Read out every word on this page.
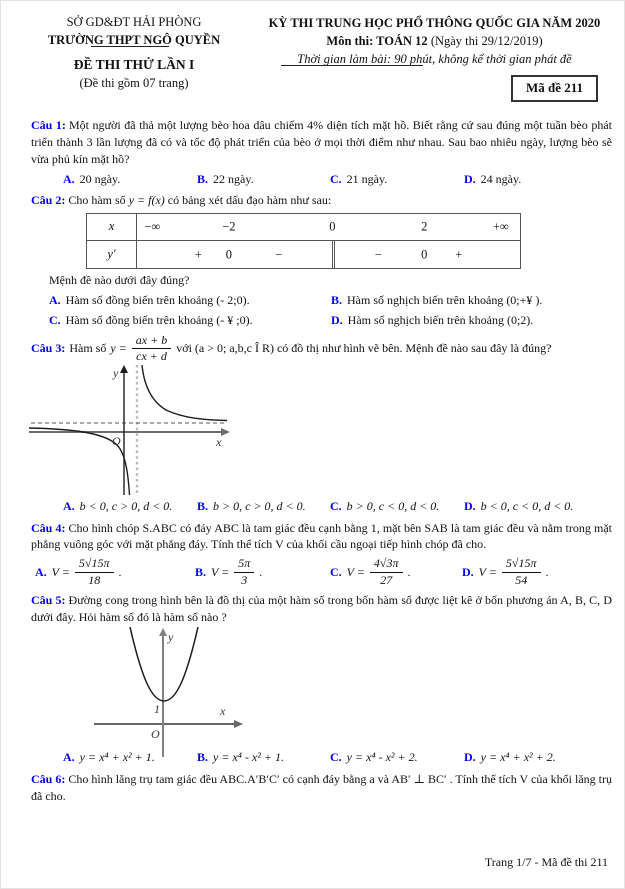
SỞ GD&ĐT HẢI PHÒNG
TRƯỜNG THPT NGÔ QUYỀN
ĐỀ THI THỬ LẦN I
(Đề thi gồm 07 trang)
KỲ THI TRUNG HỌC PHỔ THÔNG QUỐC GIA NĂM 2020
Môn thi: TOÁN 12 (Ngày thi 29/12/2019)
Thời gian làm bài: 90 phút, không kể thời gian phát đề
Mã đề 211
Câu 1: Một người đã thả một lượng bèo hoa dâu chiếm 4% diện tích mặt hồ. Biết rằng cứ sau đúng một tuần bèo phát triển thành 3 lần lượng đã có và tốc độ phát triển của bèo ở mọi thời điểm như nhau. Sau bao nhiêu ngày, lượng bèo sẽ vừa phủ kín mặt hồ?
A. 20 ngày.	B. 22 ngày.	C. 21 ngày.	D. 24 ngày.
Câu 2: Cho hàm số y = f(x) có bảng xét dấu đạo hàm như sau:
x	−∞	−2	0	2	+∞
y′	+ 0	−	−	0 +
Mệnh đề nào dưới đây đúng?
A. Hàm số đồng biến trên khoảng (- 2;0).	B. Hàm số nghịch biến trên khoảng (0;+¥ ).
C. Hàm số đồng biến trên khoảng (- ¥ ;0).	D. Hàm số nghịch biến trên khoảng (0;2).
Câu 3: Hàm số $y = \frac{ax + b}{cx + d}$ với (a > 0; a,b,c Î R) có đồ thị như hình vẽ bên. Mệnh đề nào sau đây là đúng?
y
x
O
A. b < 0, c > 0, d < 0.	B. b > 0, c > 0, d < 0.	C. b > 0, c < 0, d < 0.	D. b < 0, c < 0, d < 0.
Câu 4: Cho hình chóp S.ABC có đáy ABC là tam giác đều cạnh bằng 1, mặt bên SAB là tam giác đều và nằm trong mặt phẳng vuông góc với mặt phẳng đáy. Tính thể tích V của khối cầu ngoại tiếp hình chóp đã cho.
A. $V = \frac{5√15\pi}{18}$ .	B. $V = \frac{5\pi}{3}$ .	C. $V = \frac{4√3\pi}{27}$ .	D. $V = \frac{5√15\pi}{54}$ .
Câu 5: Đường cong trong hình bên là đồ thị của một hàm số trong bốn hàm số được liệt kê ở bốn phương án A, B, C, D dưới đây. Hỏi hàm số đó là hàm số nào ?
y
x
O
1
A. y = x⁴ + x² + 1.	B. y = x⁴ - x² + 1.	C. y = x⁴ - x² + 2.	D. y = x⁴ + x² + 2.
Câu 6: Cho hình lăng trụ tam giác đều ABC.A′B′C′ có cạnh đáy bằng a và AB′ ⊥ BC′ . Tính thể tích V của khối lăng trụ đã cho.
Trang 1/7 - Mã đề thi 211
